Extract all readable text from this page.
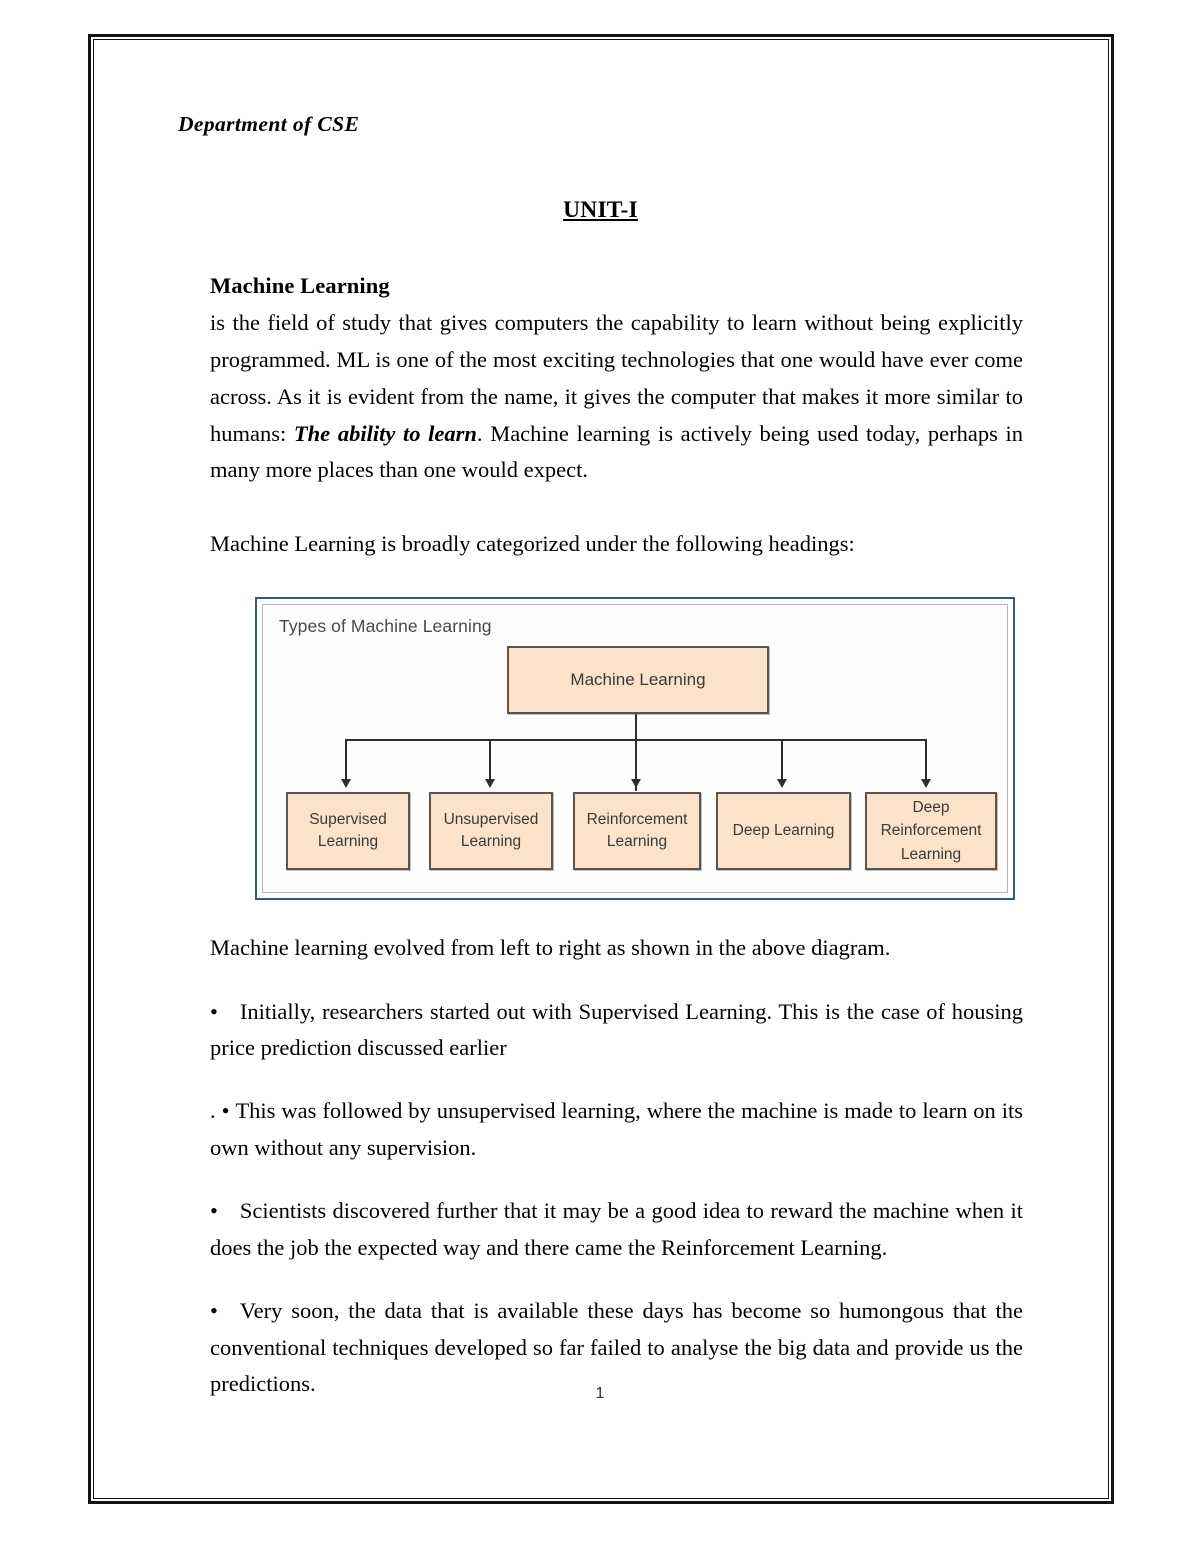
Department of CSE
UNIT-I

Machine Learning
is the field of study that gives computers the capability to learn without being explicitly programmed. ML is one of the most exciting technologies that one would have ever come across. As it is evident from the name, it gives the computer that makes it more similar to humans: The ability to learn. Machine learning is actively being used today, perhaps in many more places than one would expect.

Machine Learning is broadly categorized under the following headings:
Types of Machine Learning
Machine Learning
Supervised Learning
Unsupervised Learning
Reinforcement Learning
Deep Learning
Deep Reinforcement Learning

Machine learning evolved from left to right as shown in the above diagram.

• Initially, researchers started out with Supervised Learning. This is the case of housing price prediction discussed earlier

. • This was followed by unsupervised learning, where the machine is made to learn on its own without any supervision.

• Scientists discovered further that it may be a good idea to reward the machine when it does the job the expected way and there came the Reinforcement Learning.

• Very soon, the data that is available these days has become so humongous that the conventional techniques developed so far failed to analyse the big data and provide us the predictions.	1
